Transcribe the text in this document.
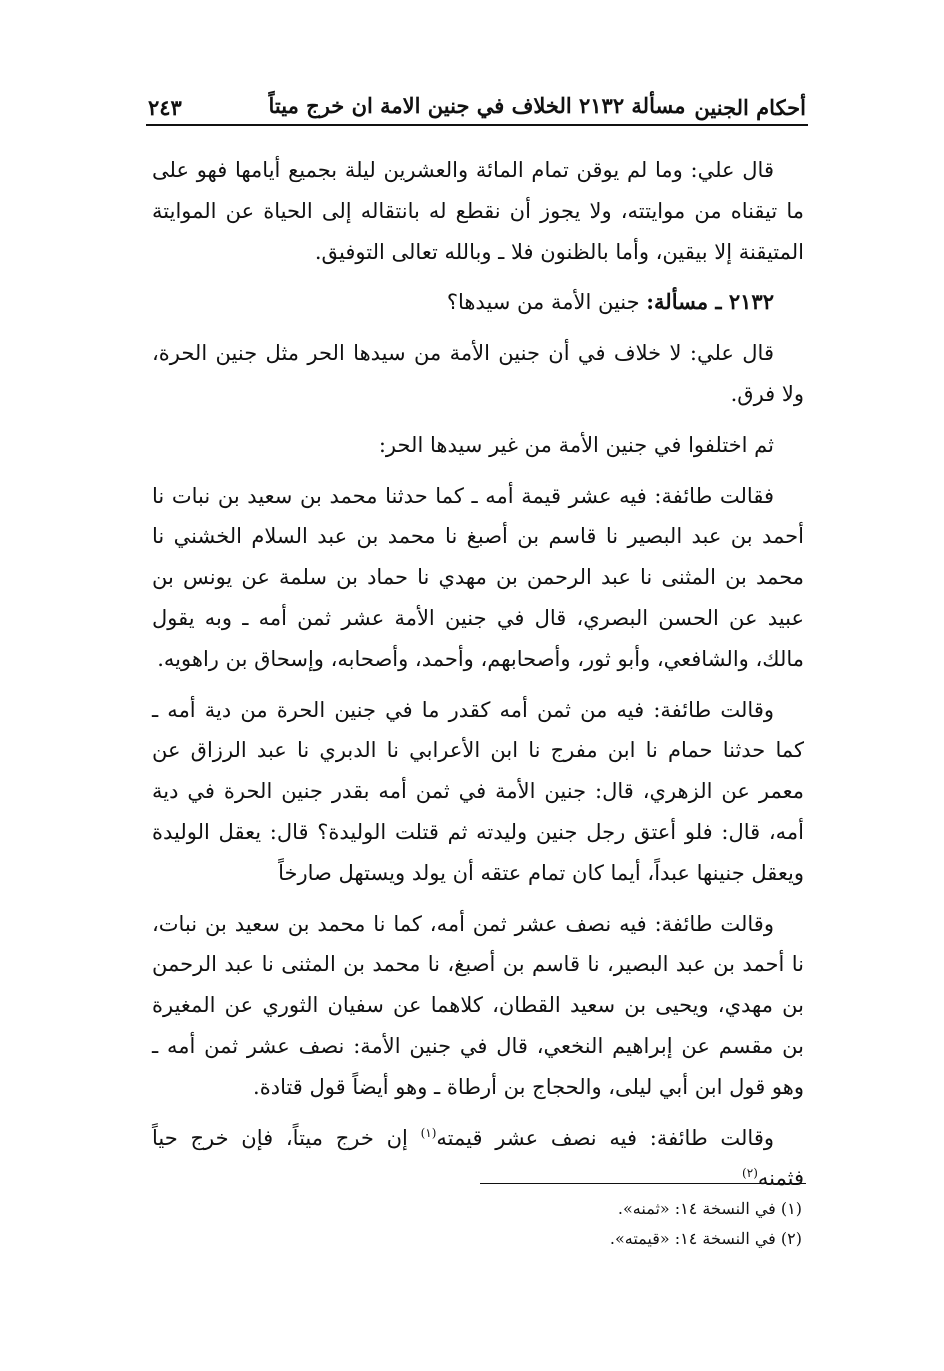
أحكام الجنين
مسألة ٢١٣٢ الخلاف في جنين الامة ان خرج ميتاً
٢٤٣

قال علي: وما لم يوقن تمام المائة والعشرين ليلة بجميع أيامها فهو على ما تيقناه من موايتته، ولا يجوز أن نقطع له بانتقاله إلى الحياة عن الموايتة المتيقنة إلا بيقين، وأما بالظنون فلا ـ وبالله تعالى التوفيق.

٢١٣٢ ـ مسألة: جنين الأمة من سيدها؟

قال علي: لا خلاف في أن جنين الأمة من سيدها الحر مثل جنين الحرة، ولا فرق.

ثم اختلفوا في جنين الأمة من غير سيدها الحر:

فقالت طائفة: فيه عشر قيمة أمه ـ كما حدثنا محمد بن سعيد بن نبات نا أحمد بن عبد البصير نا قاسم بن أصبغ نا محمد بن عبد السلام الخشني نا محمد بن المثنى نا عبد الرحمن بن مهدي نا حماد بن سلمة عن يونس بن عبيد عن الحسن البصري، قال في جنين الأمة عشر ثمن أمه ـ وبه يقول مالك، والشافعي، وأبو ثور، وأصحابهم، وأحمد، وأصحابه، وإسحاق بن راهويه.

وقالت طائفة: فيه من ثمن أمه كقدر ما في جنين الحرة من دية أمه ـ كما حدثنا حمام نا ابن مفرج نا ابن الأعرابي نا الدبري نا عبد الرزاق عن معمر عن الزهري، قال: جنين الأمة في ثمن أمه بقدر جنين الحرة في دية أمه، قال: فلو أعتق رجل جنين وليدته ثم قتلت الوليدة؟ قال: يعقل الوليدة ويعقل جنينها عبداً، أيما كان تمام عتقه أن يولد ويستهل صارخاً

وقالت طائفة: فيه نصف عشر ثمن أمه، كما نا محمد بن سعيد بن نبات، نا أحمد بن عبد البصير، نا قاسم بن أصبغ، نا محمد بن المثنى نا عبد الرحمن بن مهدي، ويحيى بن سعيد القطان، كلاهما عن سفيان الثوري عن المغيرة بن مقسم عن إبراهيم النخعي، قال في جنين الأمة: نصف عشر ثمن أمه ـ وهو قول ابن أبي ليلى، والحجاج بن أرطاة ـ وهو أيضاً قول قتادة.

وقالت طائفة: فيه نصف عشر قيمته$^{(١)}$ إن خرج ميتاً، فإن خرج حياً فثمنه$^{(٢)}$

(١) في النسخة ١٤: «ثمنه».
(٢) في النسخة ١٤: «قيمته».
